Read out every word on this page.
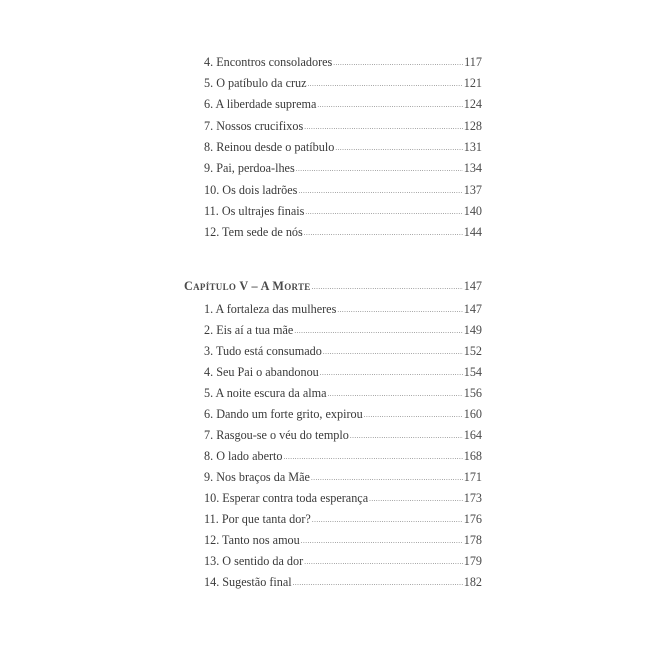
4. Encontros consoladores .....	117
5. O patíbulo da cruz .....	121
6. A liberdade suprema .....	124
7. Nossos crucifixos .....	128
8. Reinou desde o patíbulo .....	131
9. Pai, perdoa-lhes .....	134
10. Os dois ladrões .....	137
11. Os ultrajes finais .....	140
12. Tem sede de nós .....	144
Capítulo V – A Morte .....	147
1. A fortaleza das mulheres .....	147
2. Eis aí a tua mãe .....	149
3. Tudo está consumado .....	152
4. Seu Pai o abandonou .....	154
5. A noite escura da alma .....	156
6. Dando um forte grito, expirou .....	160
7. Rasgou-se o véu do templo .....	164
8. O lado aberto .....	168
9. Nos braços da Mãe .....	171
10. Esperar contra toda esperança .....	173
11. Por que tanta dor? .....	176
12. Tanto nos amou .....	178
13. O sentido da dor .....	179
14. Sugestão final .....	182
